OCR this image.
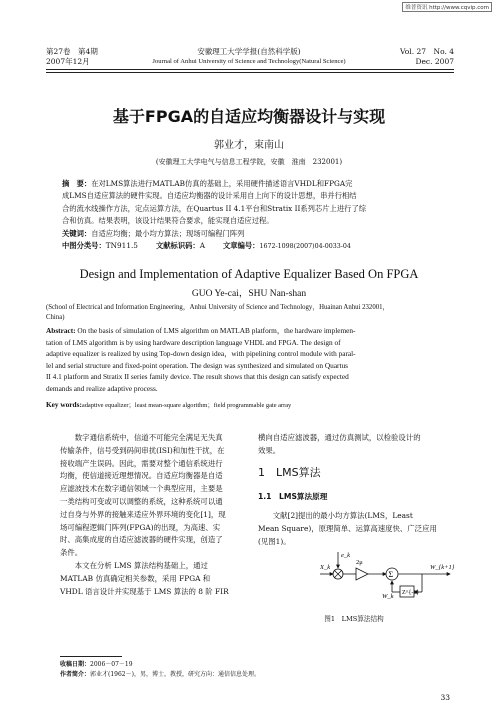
维普资讯 http://www.cqvip.com
第27卷　第4期
2007年12月
安徽理工大学学报(自然科学版)
Journal of Anhui University of Science and Technology(Natural Science)
Vol. 27　No. 4
Dec. 2007
基于FPGA的自适应均衡器设计与实现
郭业才，束南山
(安徽理工大学电气与信息工程学院，安徽　淮南　232001)
摘　要：在对LMS算法进行MATLAB仿真的基础上，采用硬件描述语言VHDL和FPGA完
成LMS自适应算法的硬件实现。自适应均衡器的设计采用自上向下的设计思想，串并行相结
合的流水线操作方法，定点运算方法，在Quartus II 4.1平台和Stratix II系列芯片上进行了综
合和仿真。结果表明，该设计结果符合要求，能实现自适应过程。
关键词：自适应均衡；最小均方算法；现场可编程门阵列
中图分类号：TN911.5 文献标识码：A 文章编号：1672-1098(2007)04-0033-04
Design and Implementation of Adaptive Equalizer Based On FPGA
GUO Ye-cai，SHU Nan-shan
(School of Electrical and Information Engineering，Anhui University of Science and Technology，Huainan Anhui 232001，
China)
Abstract: On the basis of simulation of LMS algorithm on MATLAB platform，the hardware implemen-
tation of LMS algorithm is by using hardware description language VHDL and FPGA. The design of
adaptive equalizer is realized by using Top-down design idea，with pipelining control module with paral-
lel and serial structure and fixed-point operation. The design was synthesized and simulated on Quartus
II 4.1 platform and Stratix II series family device. The result shows that this design can satisfy expected
demands and realize adaptive process.
Key words:adaptive equalizer；least mean-square algorithm；field programmable gate array
　　数字通信系统中，信道不可能完全满足无失真
传输条件，信号受到码间串扰(ISI)和加性干扰，在
接收端产生误码。因此，需要对整个通信系统进行
均衡，使信道接近理想情况。自适应均衡器是自适
应滤波技术在数字通信领域一个典型应用，主要是
一类结构可变或可以调整的系统，这种系统可以通
过自身与外界的接触来适应外界环境的变化[1]，现
场可编程逻辑门阵列(FPGA)的出现，为高速、实
时、高集成度的自适应滤波器的硬件实现，创造了
条件。
　　本文在分析 LMS 算法结构基础上，通过
MATLAB 仿真确定相关参数，采用 FPGA 和
VHDL 语言设计并实现基于 LMS 算法的 8 阶 FIR
横向自适应滤波器，通过仿真测试，以检验设计的
效果。
1　LMS算法
1.1　LMS算法原理
　　文献[2]提出的最小均方算法(LMS，Least
Mean Square)，原理简单、运算高速度快、广泛应用
(见图1)。
e_k
X_k
2μ
Σ
W_{k+1}
Z^{-1}
W_k
图1　LMS算法结构
收稿日期：2006－07－19
作者简介：郭业才(1962－)，男，博士，教授，研究方向：通信信息处理。
33
